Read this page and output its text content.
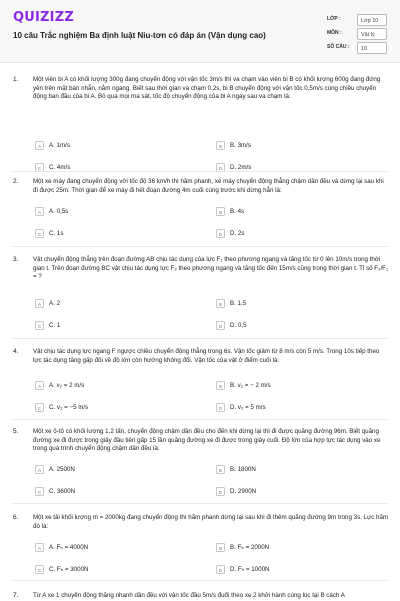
QUIZIZZ
10 câu Trắc nghiệm Ba định luật Niu-tơn có đáp án (Vận dụng cao)
LỚP :	Lớp 10
MÔN :	Vật lý
SỐ CÂU :	10
1. Một viên bi A có khối lượng 300g đang chuyển động với vận tốc 3m/s thì va chạm vào viên bi B có khối lượng 600g đang đứng yên trên mặt bàn nhẵn, nằm ngang. Biết sau thời gian va chạm 0,2s, bi B chuyển động với vận tốc 0,5m/s cùng chiều chuyển động ban đầu của bi A. Bỏ qua mọi ma sát, tốc độ chuyển động của bi A ngay sau va chạm là:
A	A. 1m/s	B	B. 3m/s
C	C. 4m/s	D	D. 2m/s
2. Một xe máy đang chuyển động với tốc độ 36 km/h thì hãm phanh, xe máy chuyển động thẳng chậm dần đều và dừng lại sau khi đi được 25m. Thời gian để xe máy đi hết đoạn đường 4m cuối cùng trước khi dừng hẳn là:
A	A. 0,5s	B	B. 4s
C	C. 1s	D	D. 2s
3. Vật chuyển động thẳng trên đoạn đường AB chịu tác dụng của lực F₁ theo phương ngang và tăng tốc từ 0 lên 10m/s trong thời gian t. Trên đoạn đường BC vật chịu tác dụng lực F₂ theo phương ngang và tăng tốc đến 15m/s cũng trong thời gian t. Tỉ số F₂/F₁ = ?
A	A. 2	B	B. 1,5
C	C. 1	D	D. 0,5
4. Vật chịu tác dụng lực ngang F ngược chiều chuyển động thẳng trong 6s. Vận tốc giảm từ 8 m/s còn 5 m/s. Trong 10s tiếp theo lực tác dụng tăng gấp đôi về độ lớn còn hướng không đổi. Vận tốc của vật ở điểm cuối là:
A	A. v₂ = 2 m/s	B	B. v₂ = − 2 m/s
C	C. v₂ = −5 m/s	D	D. v₂ = 5 m/s
5. Một xe ô-tô có khối lượng 1,2 tấn, chuyển động chậm dần đều cho đến khi dừng lại thì đi được quãng đường 96m. Biết quãng đường xe đi được trong giây đầu tiên gấp 15 lần quãng đường xe đi được trong giây cuối. Độ lớn của hợp lực tác dụng vào xe trong quá trình chuyển động chậm dần đều là:
A	A. 2500N	B	B. 1800N
C	C. 3600N	D	D. 2900N
6. Một xe tải khối lượng m = 2000kg đang chuyển động thì hãm phanh dừng lại sau khi đi thêm quãng đường 9m trong 3s. Lực hãm đó là:
A	A. Fₕ = 4000N	B	B. Fₕ = 2000N
C	C. Fₕ = 3000N	D	D. Fₕ = 1000N
7. Từ A xe 1 chuyển động thẳng nhanh dần đều với vận tốc đầu 5m/s đuổi theo xe 2 khởi hành cùng lúc tại B cách A
